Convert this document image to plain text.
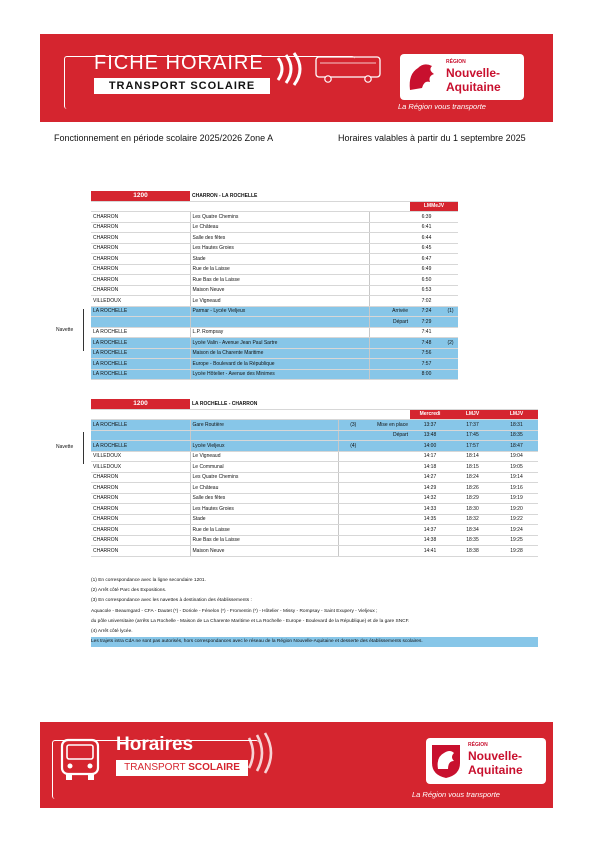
FICHE HORAIRE
TRANSPORT SCOLAIRE
RÉGION
Nouvelle-
Aquitaine
La Région vous transporte
Fonctionnement en période scolaire 2025/2026 Zone A	Horaires valables à partir du 1 septembre 2025
Navette
1200	CHARRON - LA ROCHELLE			
			LMMeJV	
CHARRON	Les Quatre Chemins		6:39	
CHARRON	Le Château		6:41	
CHARRON	Salle des fêtes		6:44	
CHARRON	Les Hautes Groies		6:45	
CHARRON	Stade		6:47	
CHARRON	Rue de la Laisse		6:49	
CHARRON	Rue Bas de la Laisse		6:50	
CHARRON	Maison Neuve		6:53	
VILLEDOUX	Le Vigneaud		7:02	
LA ROCHELLE	Parmar - Lycée Vieljeux	Arrivée	7:24	(1)
		Départ	7:29	
LA ROCHELLE	L.P. Rompsay		7:41	
LA ROCHELLE	Lycée Valin - Avenue Jean Paul Sartre		7:48	(2)
LA ROCHELLE	Maison de la Charente Maritime		7:56	
LA ROCHELLE	Europe - Boulevard de la République		7:57	
LA ROCHELLE	Lycée Hôtelier - Avenue des Minimes		8:00	
Navette
1200	LA ROCHELLE - CHARRON					
				Mercredi	LMJV	LMJV
LA ROCHELLE	Gare Routière	(3)	Mise en place	13:37	17:37	18:31
			Départ	13:48	17:45	18:35
LA ROCHELLE	Lycée Vieljeux	(4)		14:00	17:57	18:47
VILLEDOUX	Le Vigneaud			14:17	18:14	19:04
VILLEDOUX	Le Communal			14:18	18:15	19:05
CHARRON	Les Quatre Chemins			14:27	18:24	19:14
CHARRON	Le Château			14:29	18:26	19:16
CHARRON	Salle des fêtes			14:32	18:29	19:19
CHARRON	Les Hautes Groies			14:33	18:30	19:20
CHARRON	Stade			14:35	18:32	19:22
CHARRON	Rue de la Laisse			14:37	18:34	19:24
CHARRON	Rue Bas de la Laisse			14:38	18:35	19:25
CHARRON	Maison Neuve			14:41	18:38	19:28
(1) En correspondance avec la ligne secondaire 1201.
(2) Arrêt côté Parc des Expositions.
(3) En correspondance avec les navettes à destination des établissements :
Aquacole - Beaumgard - CFA - Dautet (*) - Doriole - Fénelon (*) - Fromentin (*) - Hôtelier - Missy - Rompsay - Saint Exupery - Vieljeux ;
du pôle universitaire (arrêts La Rochelle - Maison de La Charente Maritime et La Rochelle - Europe - Boulevard de la République) et de la gare SNCF.
(4) Arrêt côté lycée.
Les trajets intra CdA ne sont pas autorisés, hors correspondances avec le réseau de la Région Nouvelle-Aquitaine et desserte des établissements scolaires.
Horaires
TRANSPORT SCOLAIRE
RÉGION
Nouvelle-
Aquitaine
La Région vous transporte
